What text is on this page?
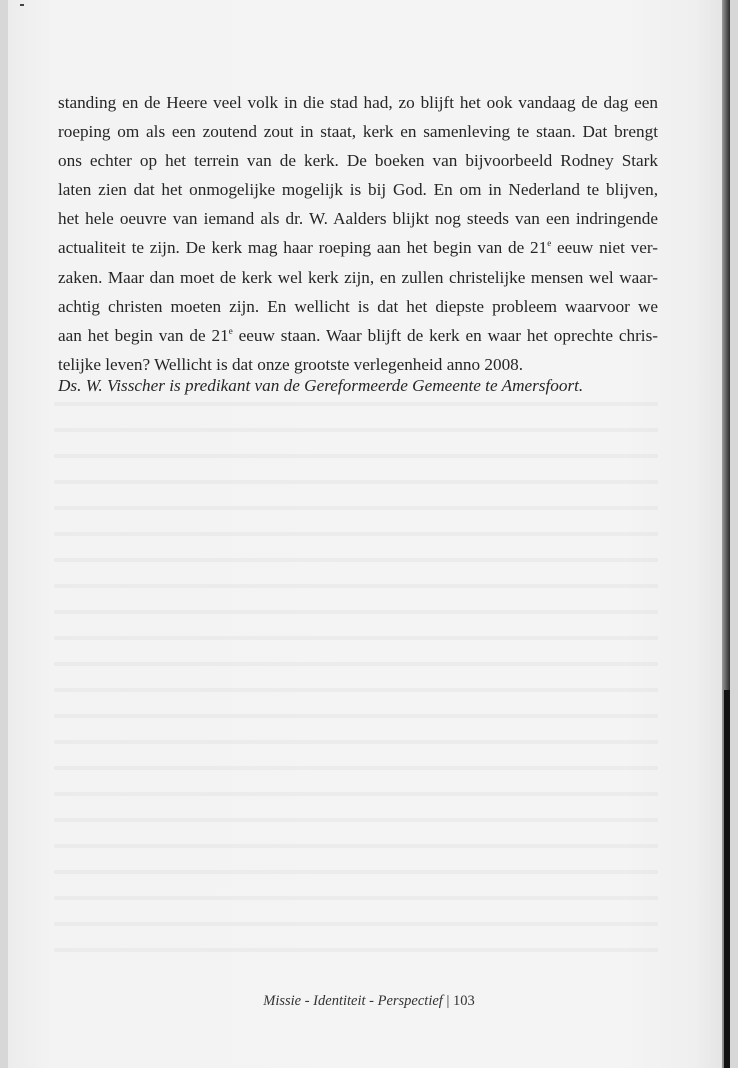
standing en de Heere veel volk in die stad had, zo blijft het ook vandaag de dag een
roeping om als een zoutend zout in staat, kerk en samenleving te staan. Dat brengt
ons echter op het terrein van de kerk. De boeken van bijvoorbeeld Rodney Stark
laten zien dat het onmogelijke mogelijk is bij God. En om in Nederland te blijven,
het hele oeuvre van iemand als dr. W. Aalders blijkt nog steeds van een indringende
actualiteit te zijn. De kerk mag haar roeping aan het begin van de 21e eeuw niet ver-
zaken. Maar dan moet de kerk wel kerk zijn, en zullen christelijke mensen wel waar-
achtig christen moeten zijn. En wellicht is dat het diepste probleem waarvoor we
aan het begin van de 21e eeuw staan. Waar blijft de kerk en waar het oprechte chris-
telijke leven? Wellicht is dat onze grootste verlegenheid anno 2008.

Ds. W. Visscher is predikant van de Gereformeerde Gemeente te Amersfoort.

Missie - Identiteit - Perspectief | 103
